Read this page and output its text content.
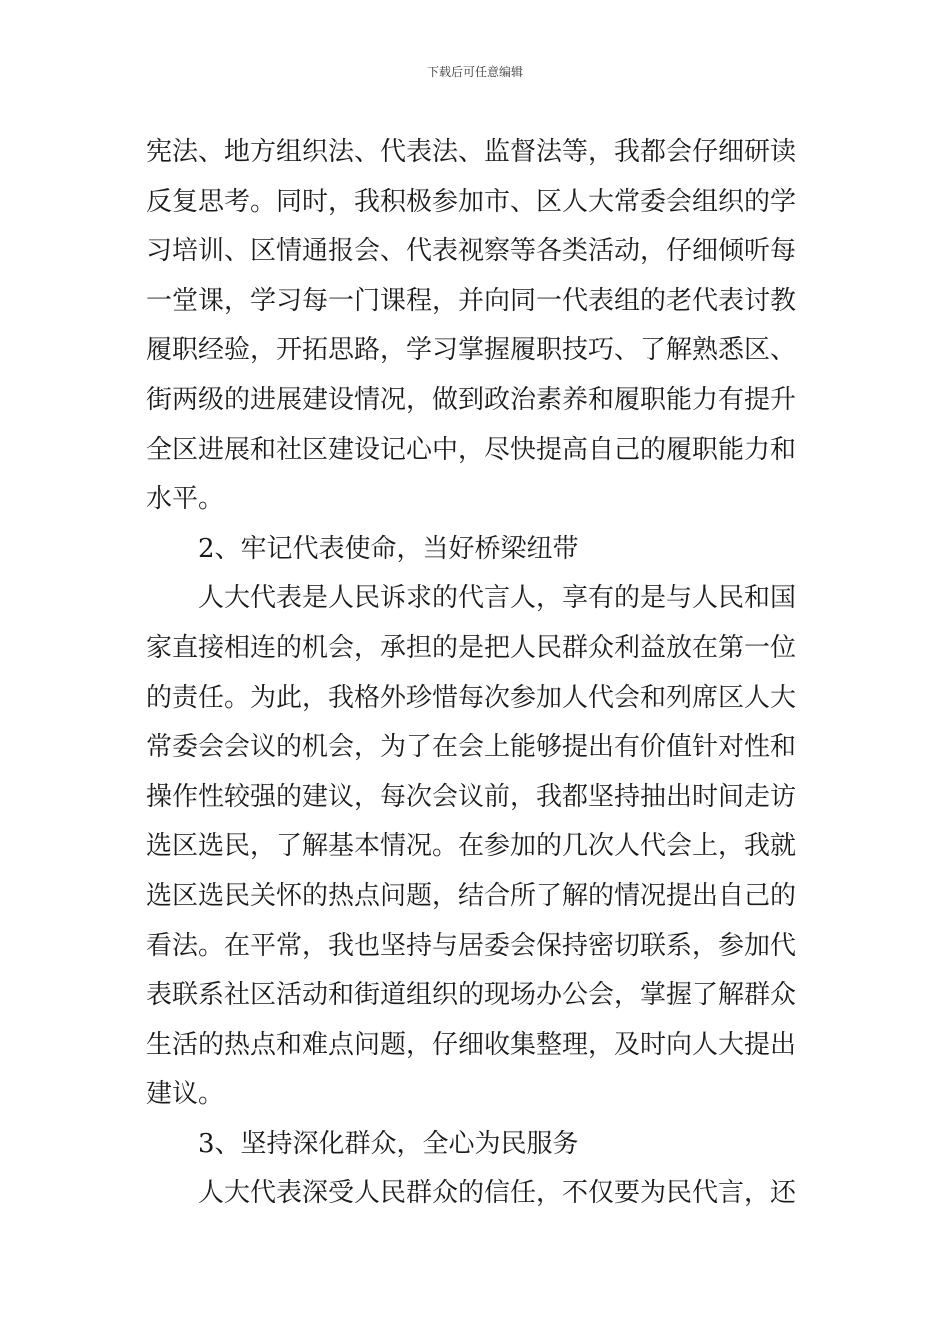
下载后可任意编辑
宪法、地方组织法、代表法、监督法等，我都会仔细研读
反复思考。同时，我积极参加市、区人大常委会组织的学
习培训、区情通报会、代表视察等各类活动，仔细倾听每
一堂课，学习每一门课程，并向同一代表组的老代表讨教
履职经验，开拓思路，学习掌握履职技巧、了解熟悉区、
街两级的进展建设情况，做到政治素养和履职能力有提升
全区进展和社区建设记心中，尽快提高自己的履职能力和
水平。
2、牢记代表使命，当好桥梁纽带
人大代表是人民诉求的代言人，享有的是与人民和国
家直接相连的机会，承担的是把人民群众利益放在第一位
的责任。为此，我格外珍惜每次参加人代会和列席区人大
常委会会议的机会，为了在会上能够提出有价值针对性和
操作性较强的建议，每次会议前，我都坚持抽出时间走访
选区选民，了解基本情况。在参加的几次人代会上，我就
选区选民关怀的热点问题，结合所了解的情况提出自己的
看法。在平常，我也坚持与居委会保持密切联系，参加代
表联系社区活动和街道组织的现场办公会，掌握了解群众
生活的热点和难点问题，仔细收集整理，及时向人大提出
建议。
3、坚持深化群众，全心为民服务
人大代表深受人民群众的信任，不仅要为民代言，还
